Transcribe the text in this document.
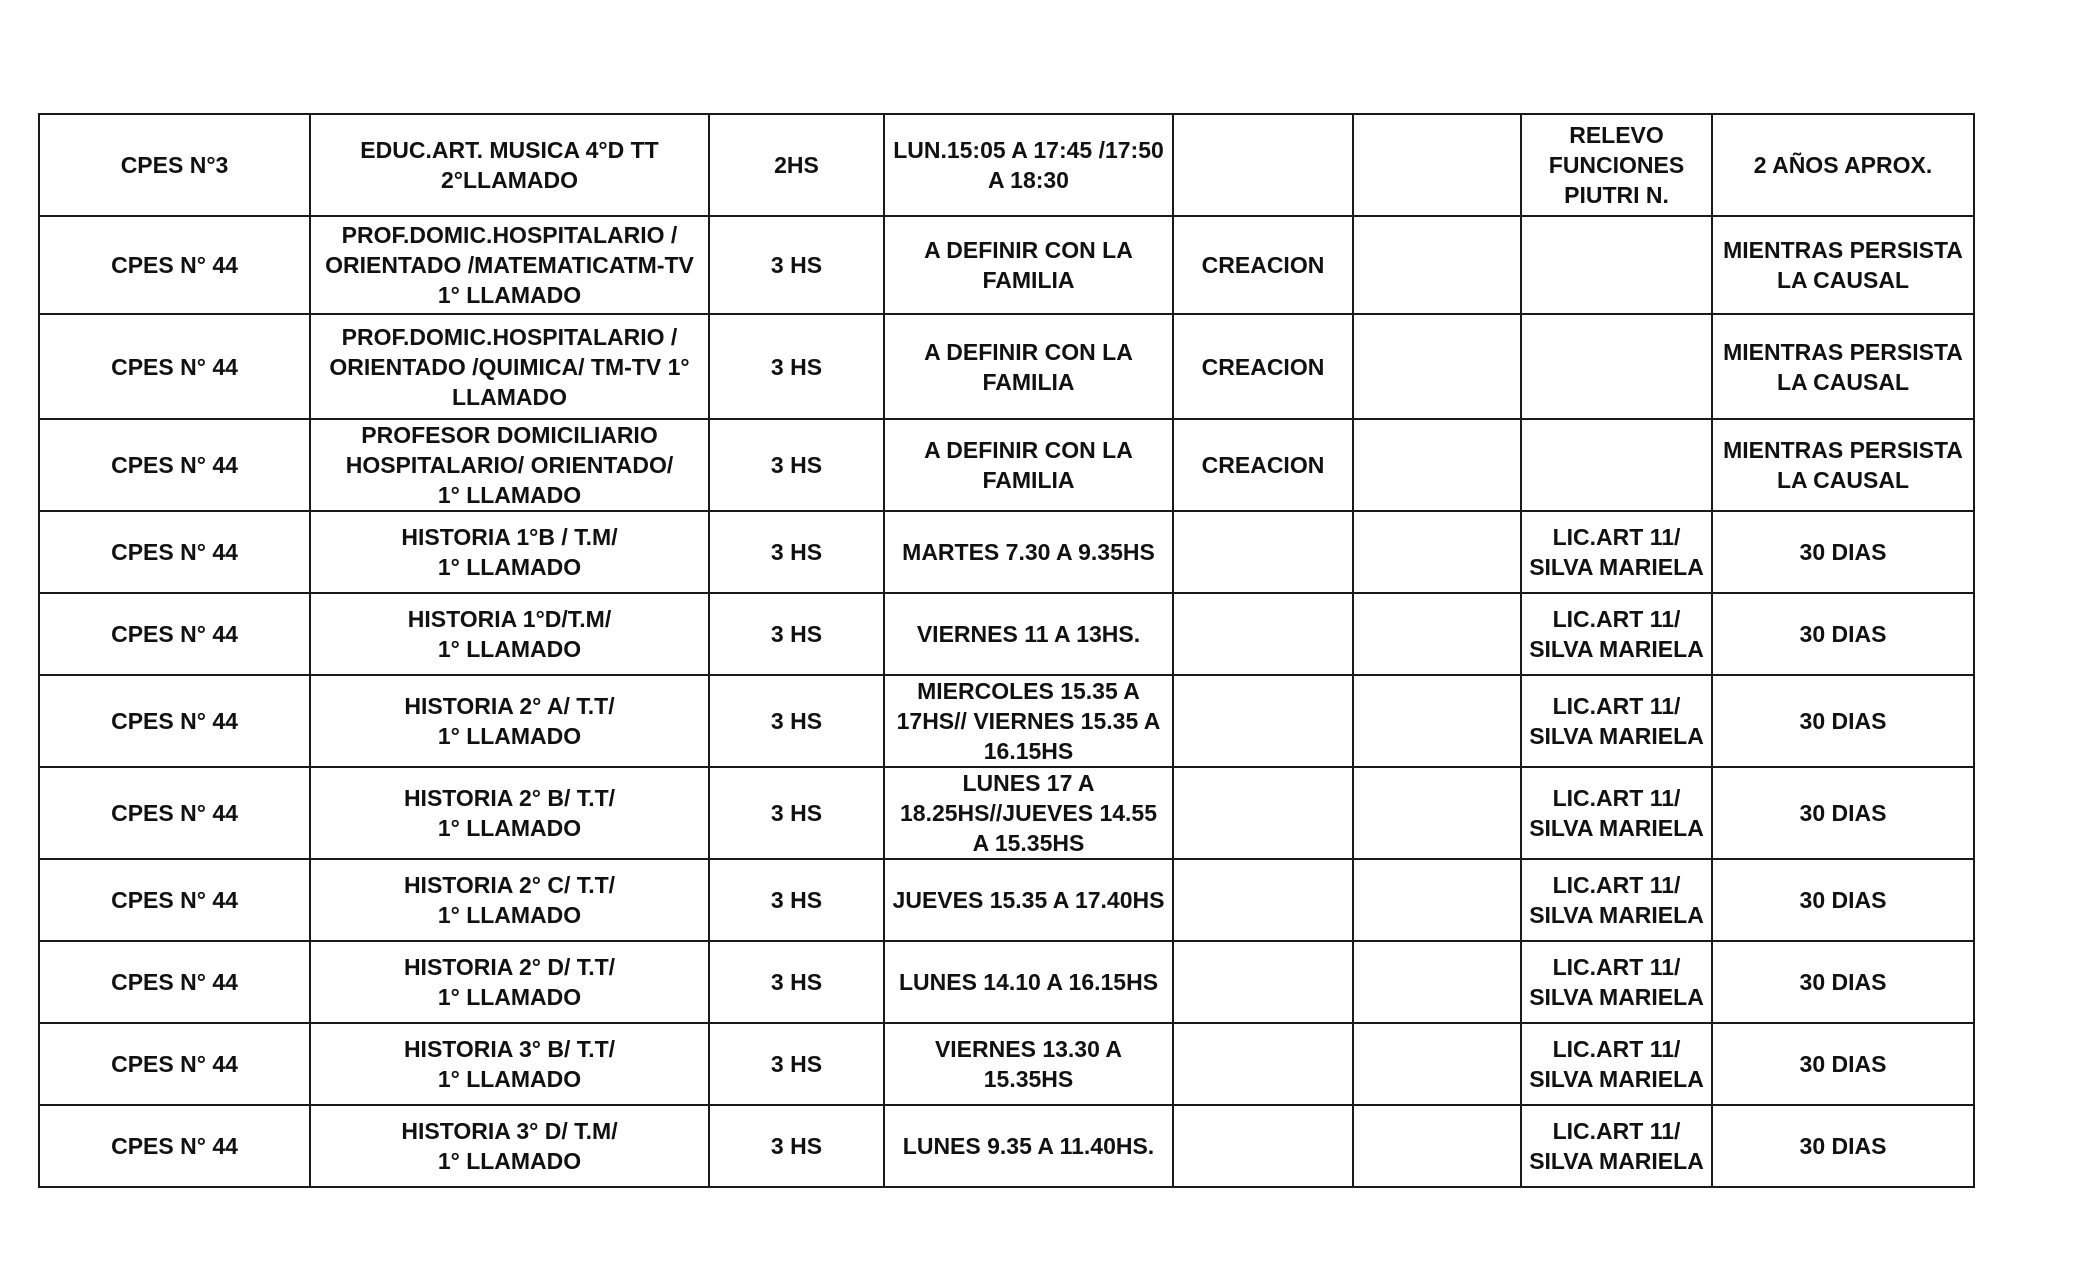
CPES N°3	EDUC.ART. MUSICA 4°D TT
2°LLAMADO	2HS	LUN.15:05 A 17:45 /17:50
A 18:30			RELEVO
FUNCIONES
PIUTRI N.	2 AÑOS APROX.
CPES N° 44	PROF.DOMIC.HOSPITALARIO /
ORIENTADO /MATEMATICATM-TV
1° LLAMADO	3 HS	A DEFINIR CON LA
FAMILIA	CREACION			MIENTRAS PERSISTA
LA CAUSAL
CPES N° 44	PROF.DOMIC.HOSPITALARIO /
ORIENTADO /QUIMICA/ TM-TV 1°
LLAMADO	3 HS	A DEFINIR CON LA
FAMILIA	CREACION			MIENTRAS PERSISTA
LA CAUSAL
CPES N° 44	PROFESOR DOMICILIARIO
HOSPITALARIO/ ORIENTADO/
1° LLAMADO	3 HS	A DEFINIR CON LA
FAMILIA	CREACION			MIENTRAS PERSISTA
LA CAUSAL
CPES N° 44	HISTORIA 1°B / T.M/
1° LLAMADO	3 HS	MARTES 7.30 A 9.35HS			LIC.ART 11/
SILVA MARIELA	30 DIAS
CPES N° 44	HISTORIA 1°D/T.M/
1° LLAMADO	3 HS	VIERNES 11 A 13HS.			LIC.ART 11/
SILVA MARIELA	30 DIAS
CPES N° 44	HISTORIA 2° A/ T.T/
1° LLAMADO	3 HS	MIERCOLES 15.35 A
17HS// VIERNES 15.35 A
16.15HS			LIC.ART 11/
SILVA MARIELA	30 DIAS
CPES N° 44	HISTORIA 2° B/ T.T/
1° LLAMADO	3 HS	LUNES 17 A
18.25HS//JUEVES 14.55
A 15.35HS			LIC.ART 11/
SILVA MARIELA	30 DIAS
CPES N° 44	HISTORIA 2° C/ T.T/
1° LLAMADO	3 HS	JUEVES 15.35 A 17.40HS			LIC.ART 11/
SILVA MARIELA	30 DIAS
CPES N° 44	HISTORIA 2° D/ T.T/
1° LLAMADO	3 HS	LUNES 14.10 A 16.15HS			LIC.ART 11/
SILVA MARIELA	30 DIAS
CPES N° 44	HISTORIA 3° B/ T.T/
1° LLAMADO	3 HS	VIERNES 13.30 A
15.35HS			LIC.ART 11/
SILVA MARIELA	30 DIAS
CPES N° 44	HISTORIA 3° D/ T.M/
1° LLAMADO	3 HS	LUNES 9.35 A 11.40HS.			LIC.ART 11/
SILVA MARIELA	30 DIAS
